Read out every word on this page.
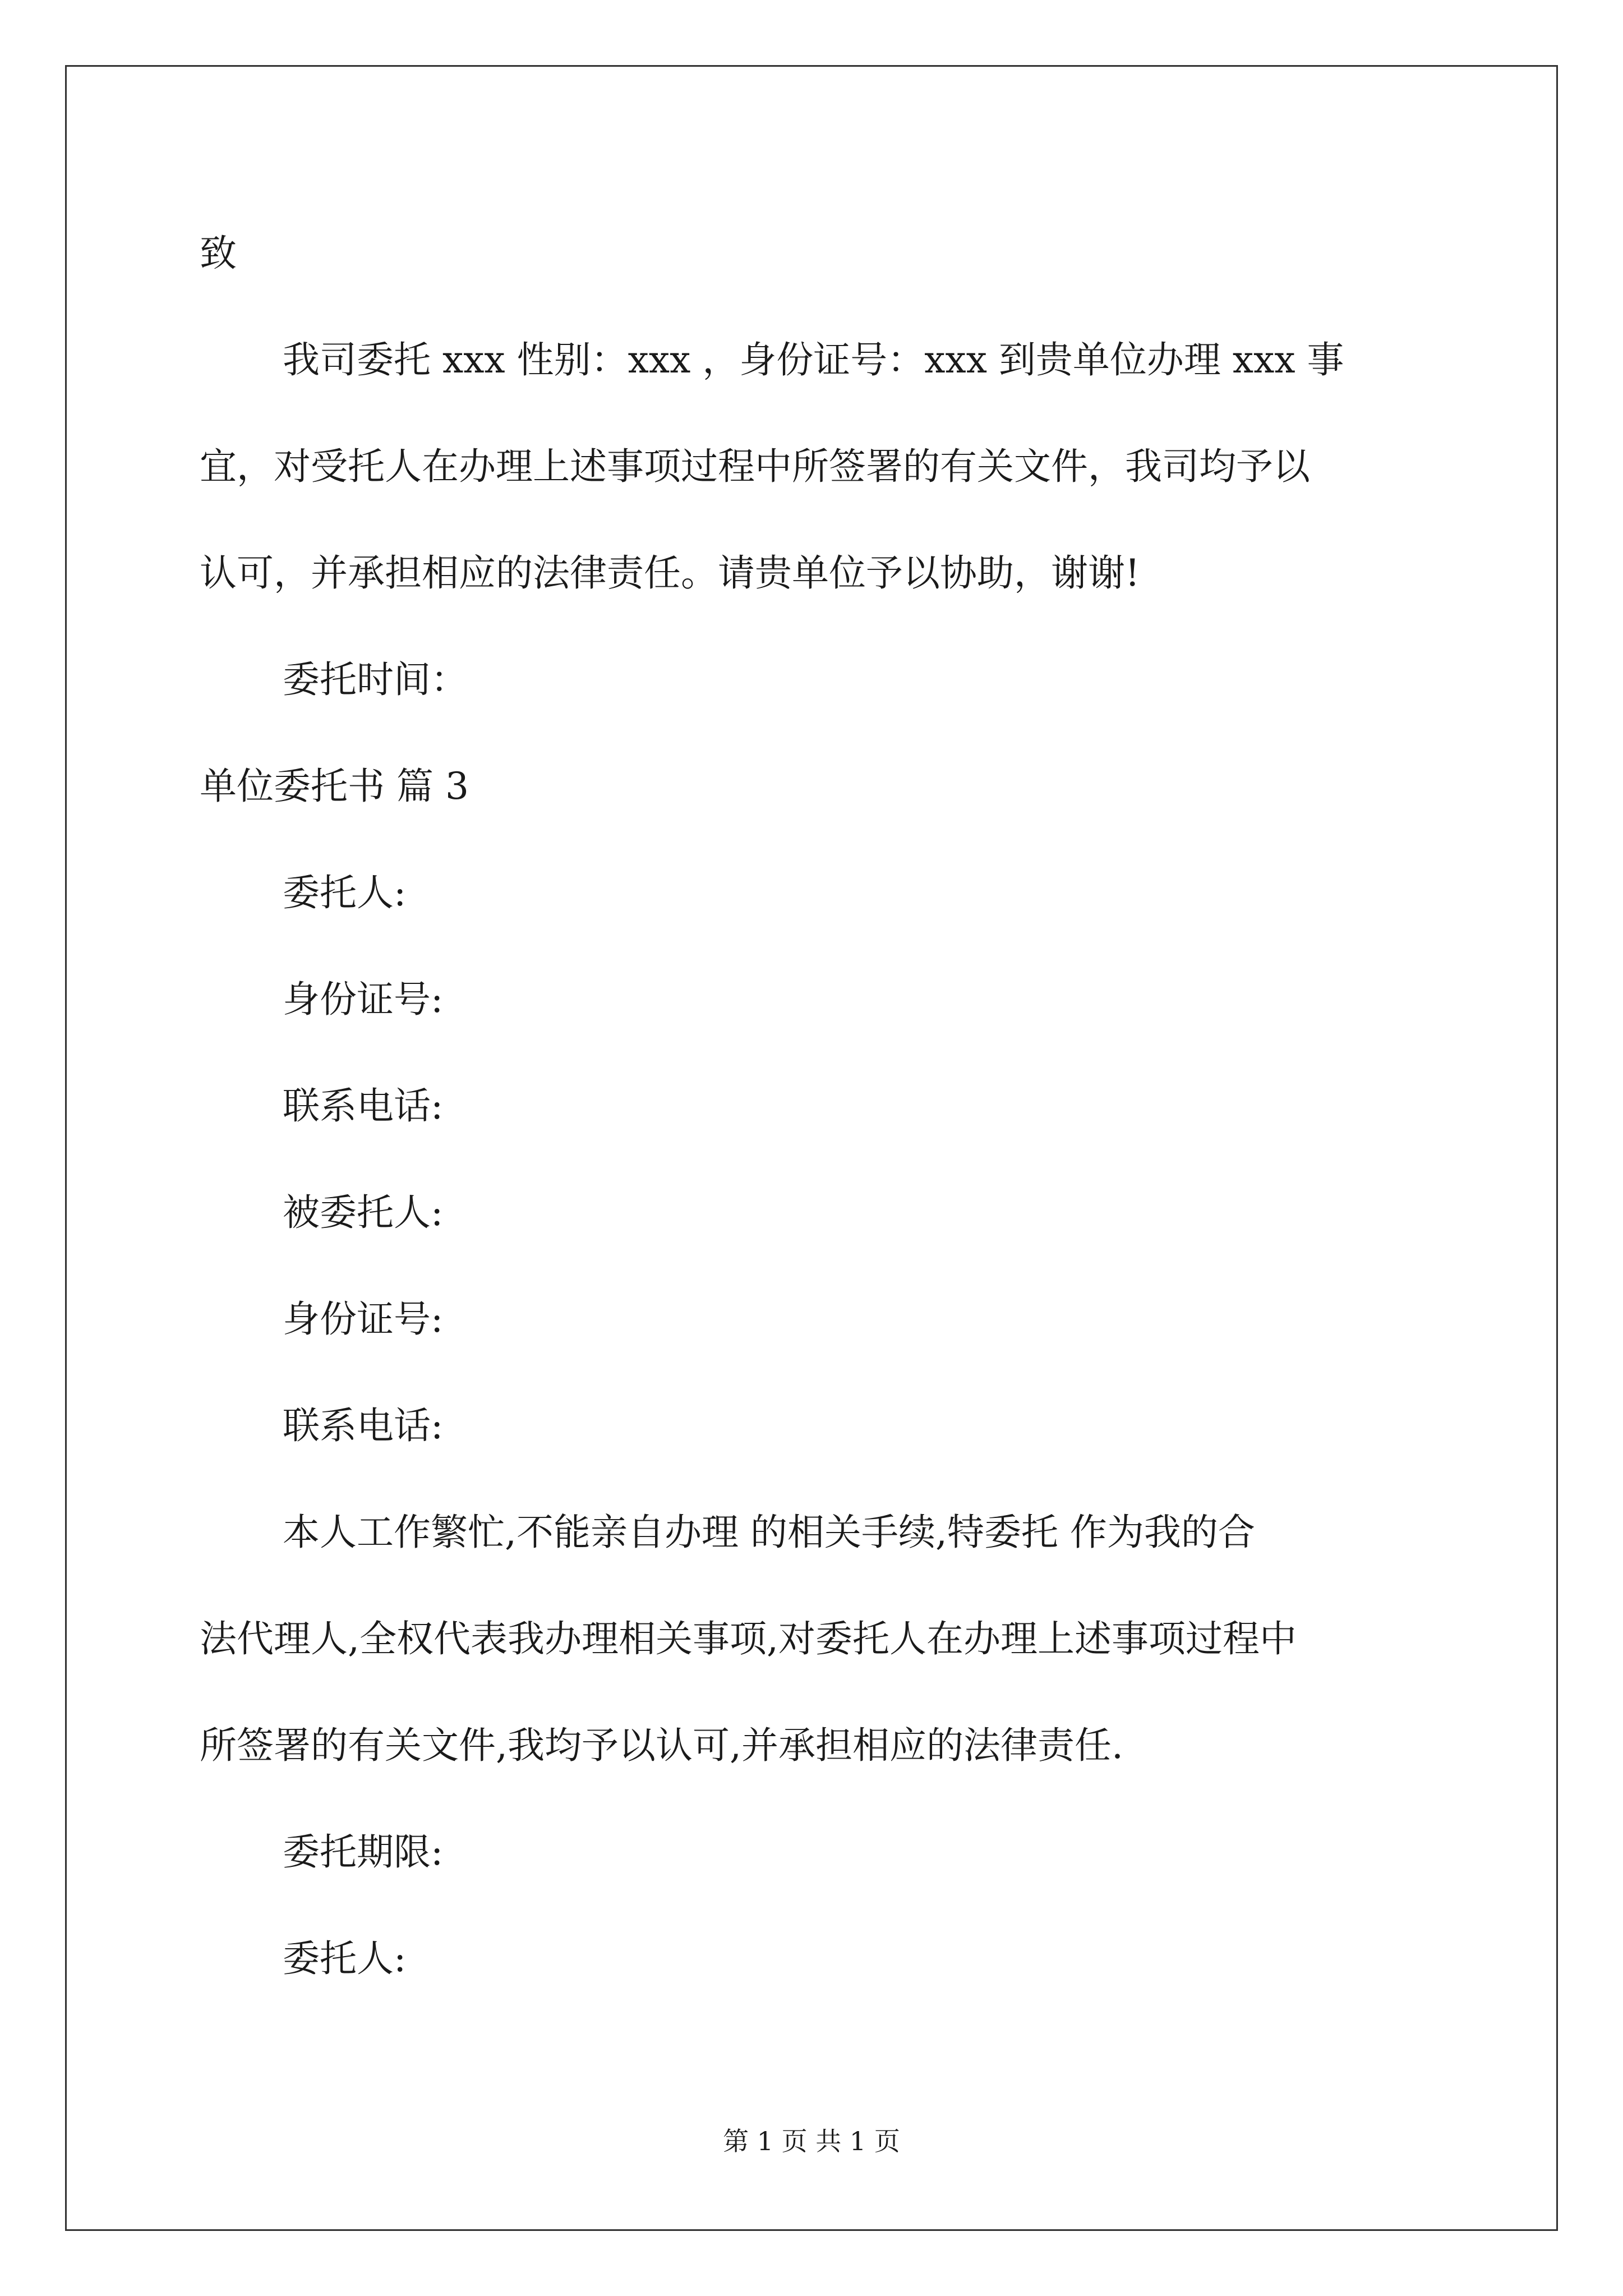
致
我司委托 xxx 性别：xxx ，身份证号：xxx 到贵单位办理 xxx 事
宜，对受托人在办理上述事项过程中所签署的有关文件，我司均予以
认可，并承担相应的法律责任。请贵单位予以协助，谢谢!
委托时间：
单位委托书 篇 3
委托人:
身份证号:
联系电话:
被委托人:
身份证号:
联系电话:
本人工作繁忙,不能亲自办理 的相关手续,特委托 作为我的合
法代理人,全权代表我办理相关事项,对委托人在办理上述事项过程中
所签署的有关文件,我均予以认可,并承担相应的法律责任.
委托期限:
委托人:
第 1 页 共 1 页
